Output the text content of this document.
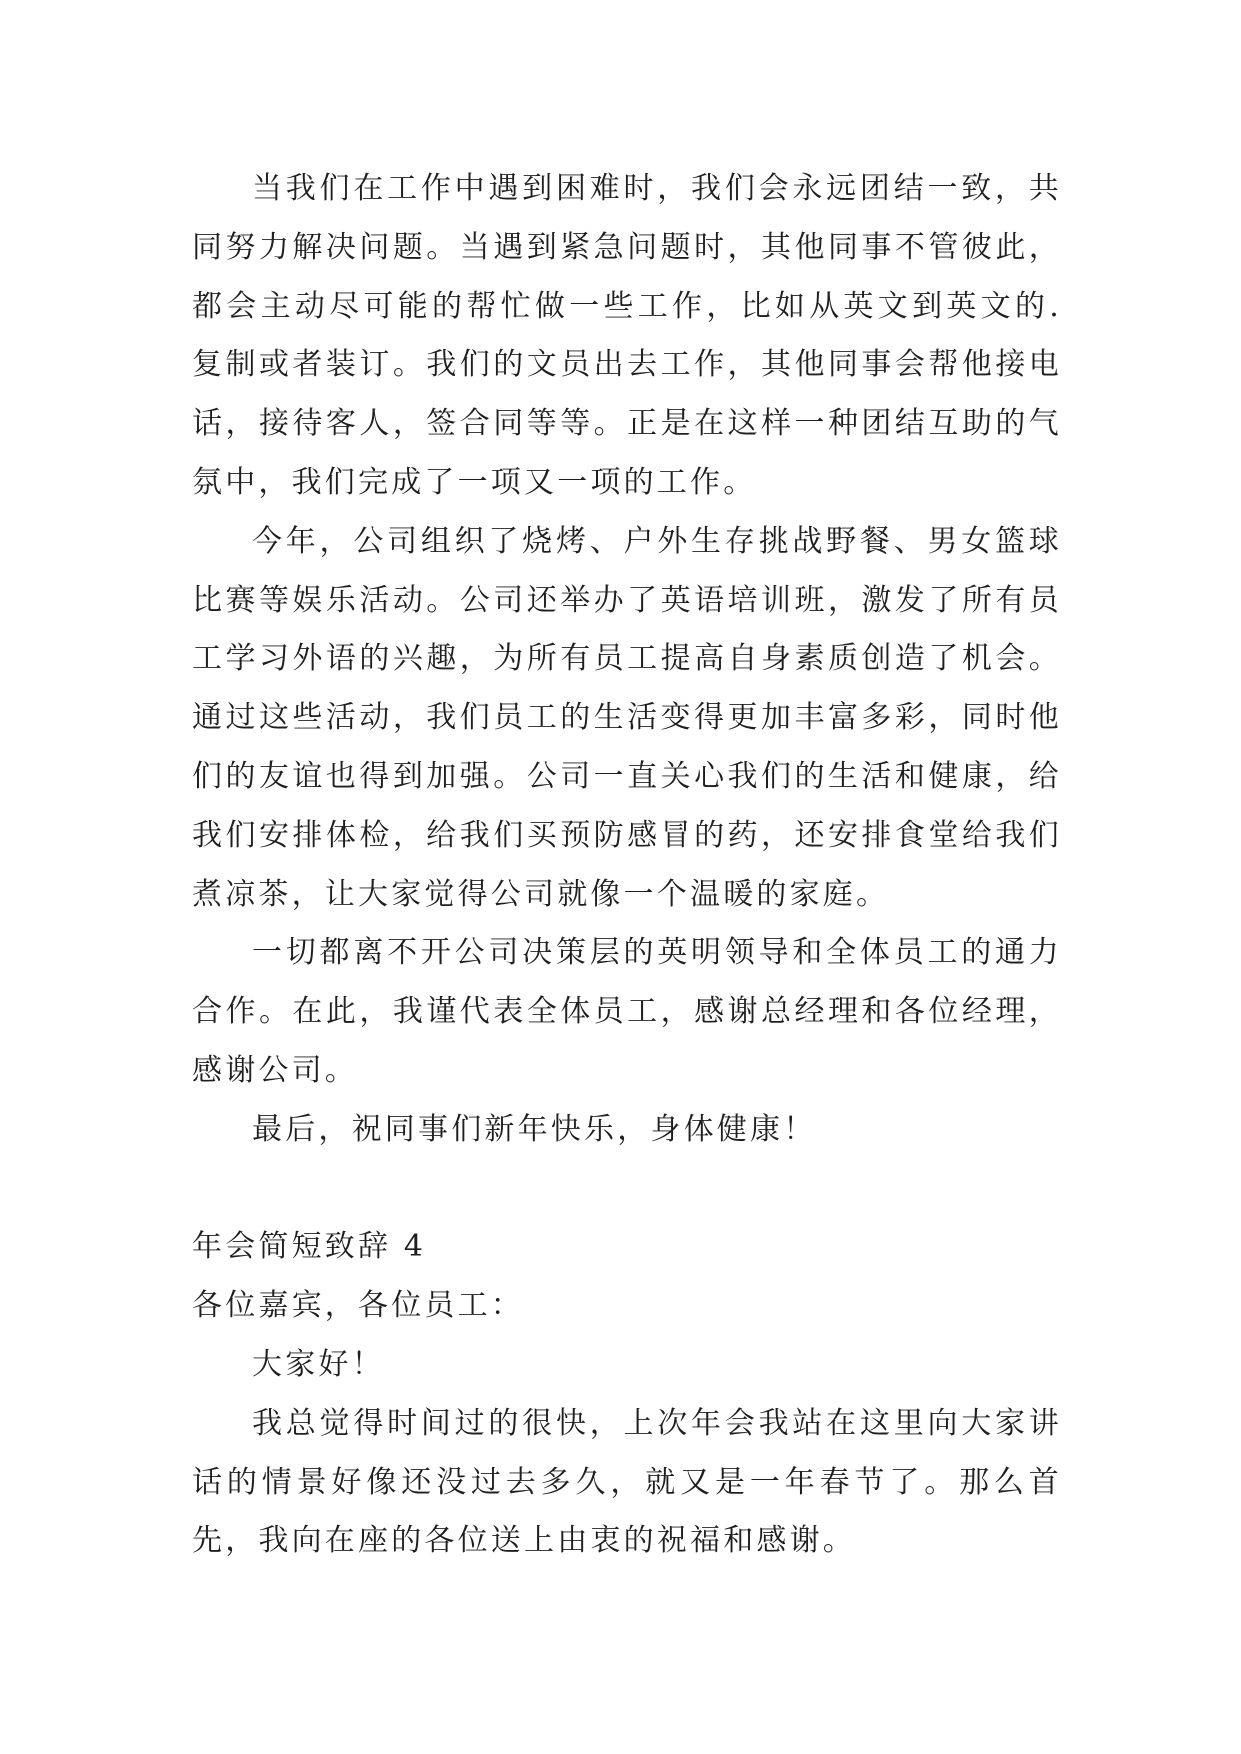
当我们在工作中遇到困难时，我们会永远团结一致，共同努力解决问题。当遇到紧急问题时，其他同事不管彼此，都会主动尽可能的帮忙做一些工作，比如从英文到英文的.复制或者装订。我们的文员出去工作，其他同事会帮他接电话，接待客人，签合同等等。正是在这样一种团结互助的气氛中，我们完成了一项又一项的工作。

今年，公司组织了烧烤、户外生存挑战野餐、男女篮球比赛等娱乐活动。公司还举办了英语培训班，激发了所有员工学习外语的兴趣，为所有员工提高自身素质创造了机会。通过这些活动，我们员工的生活变得更加丰富多彩，同时他们的友谊也得到加强。公司一直关心我们的生活和健康，给我们安排体检，给我们买预防感冒的药，还安排食堂给我们煮凉茶，让大家觉得公司就像一个温暖的家庭。

一切都离不开公司决策层的英明领导和全体员工的通力合作。在此，我谨代表全体员工，感谢总经理和各位经理，感谢公司。

最后，祝同事们新年快乐，身体健康！

年会简短致辞 4

各位嘉宾，各位员工：

大家好！

我总觉得时间过的很快，上次年会我站在这里向大家讲话的情景好像还没过去多久，就又是一年春节了。那么首先，我向在座的各位送上由衷的祝福和感谢。
